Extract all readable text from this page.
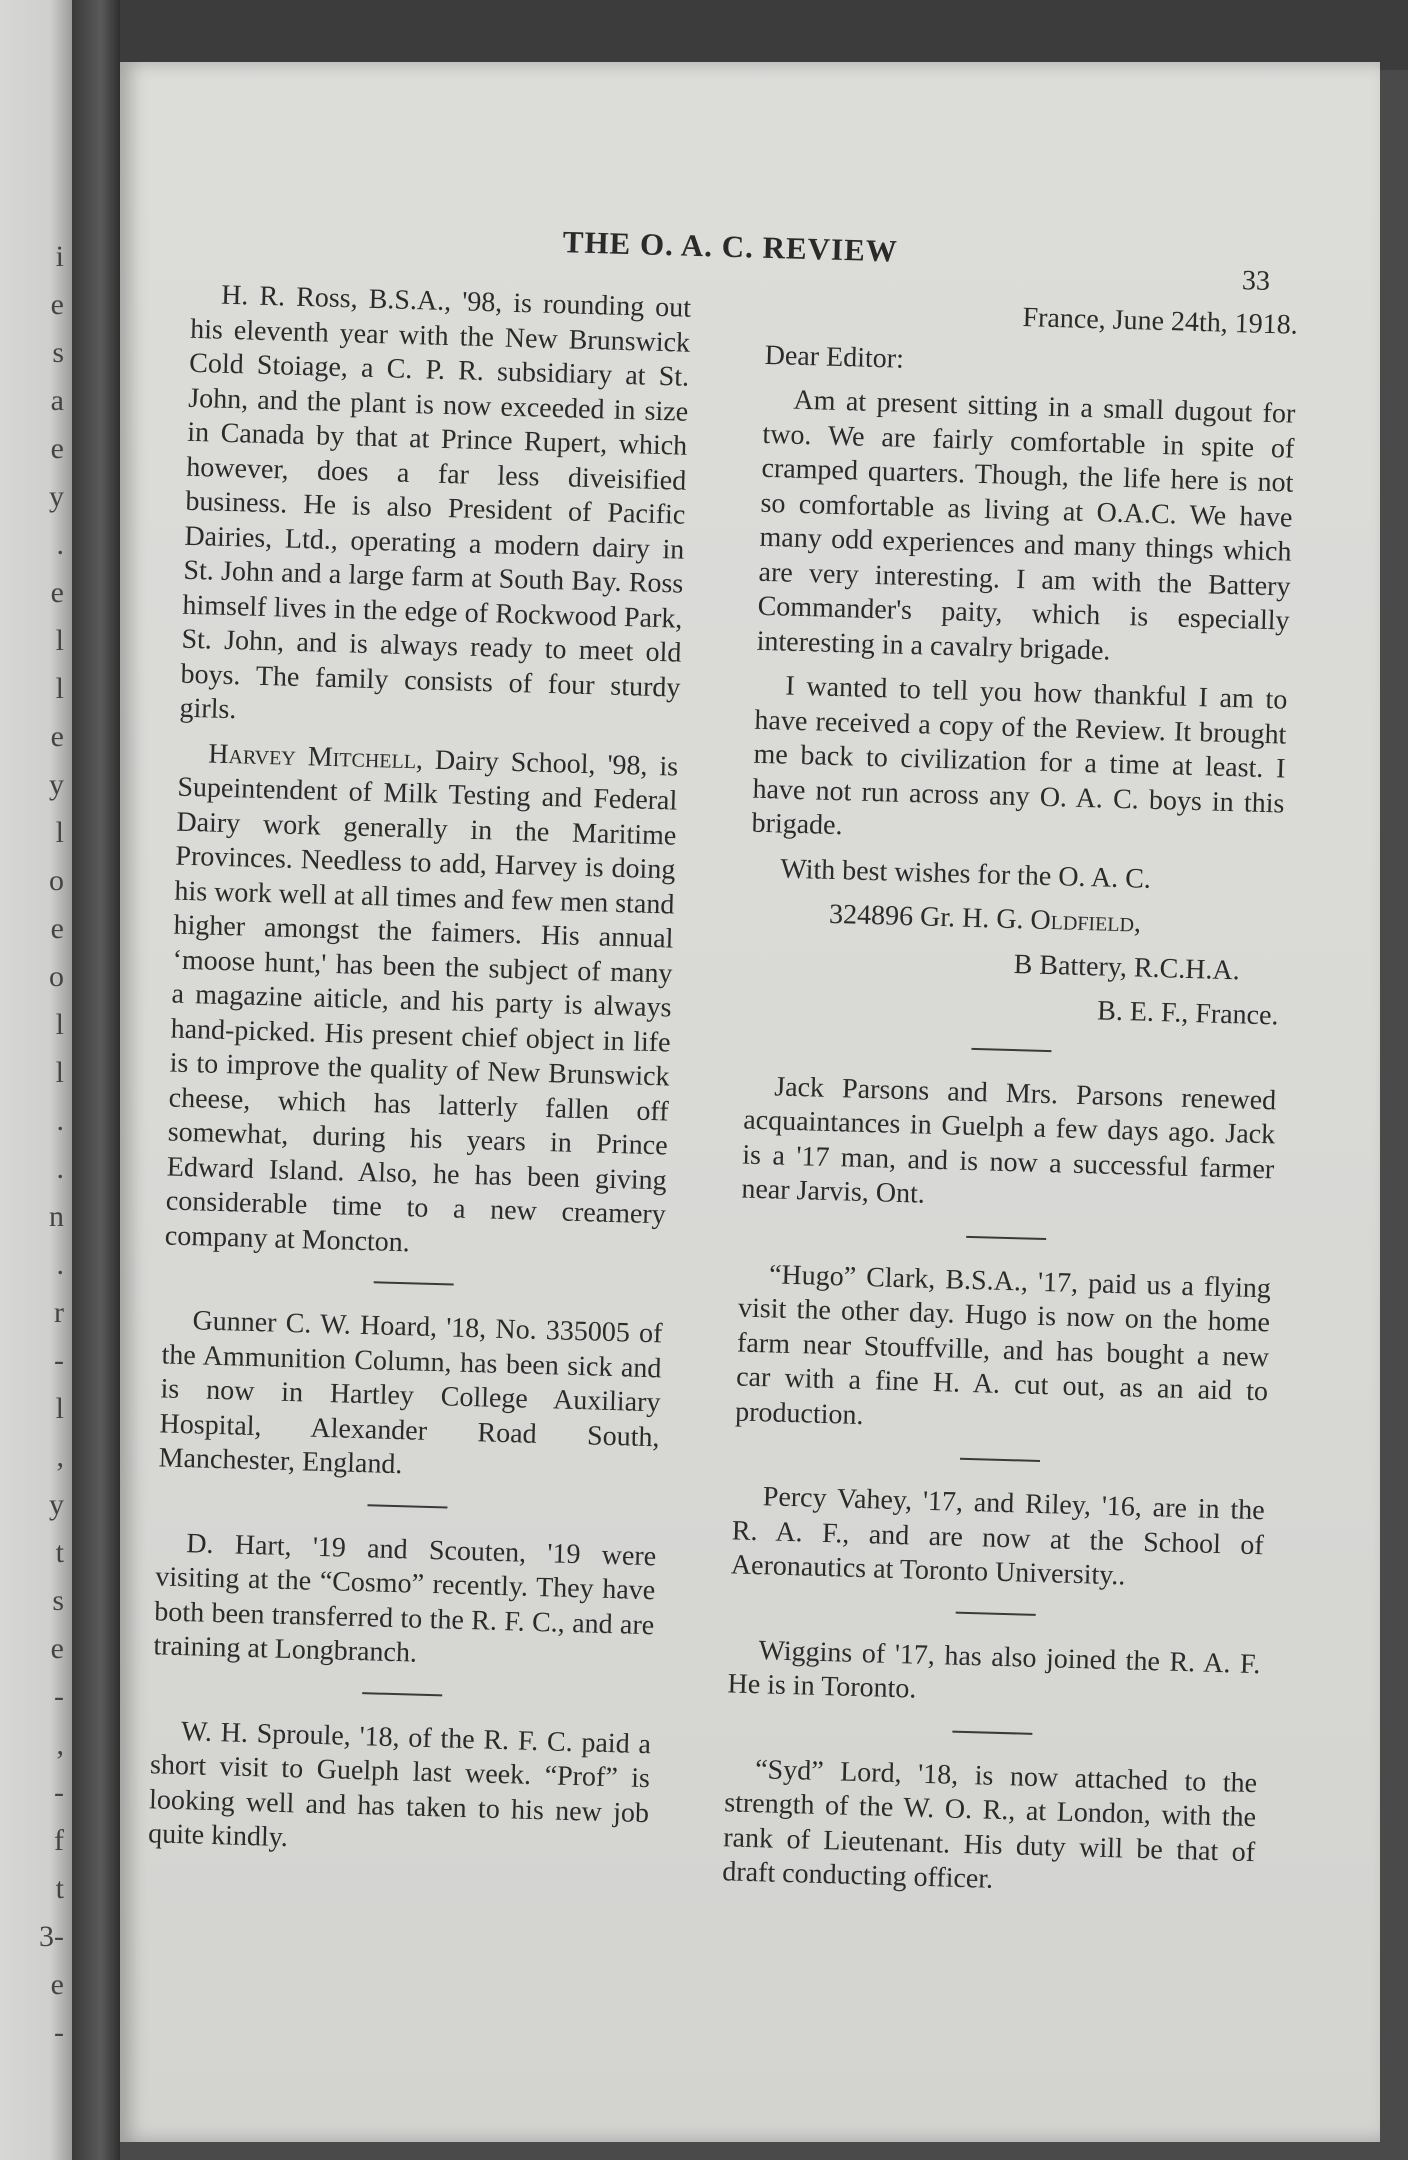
i
e
s
a
e
y
.
e
l
l
e
y
l
o
e
o
l
l
.
.
n
.
r
-
l
,
y
t
s
e
-
,
-
f
t
3-
e
-
THE O. A. C. REVIEW
33

H. R. Ross, B.S.A., '98, is rounding out his eleventh year with the New Brunswick Cold Stoiage, a C. P. R. subsidiary at St. John, and the plant is now exceeded in size in Canada by that at Prince Rupert, which however, does a far less diveisified business. He is also President of Pacific Dairies, Ltd., operating a modern dairy in St. John and a large farm at South Bay. Ross himself lives in the edge of Rockwood Park, St. John, and is always ready to meet old boys. The family consists of four sturdy girls.

Harvey Mitchell, Dairy School, '98, is Supeintendent of Milk Testing and Federal Dairy work generally in the Maritime Provinces. Needless to add, Harvey is doing his work well at all times and few men stand higher amongst the faimers. His annual ‘moose hunt,' has been the subject of many a magazine aiticle, and his party is always hand-picked. His present chief object in life is to improve the quality of New Brunswick cheese, which has latterly fallen off somewhat, during his years in Prince Edward Island. Also, he has been giving considerable time to a new creamery company at Moncton.

Gunner C. W. Hoard, '18, No. 335005 of the Ammunition Column, has been sick and is now in Hartley College Auxiliary Hospital, Alexander Road South, Manchester, England.

D. Hart, '19 and Scouten, '19 were visiting at the “Cosmo” recently. They have both been transferred to the R. F. C., and are training at Longbranch.

W. H. Sproule, '18, of the R. F. C. paid a short visit to Guelph last week. “Prof” is looking well and has taken to his new job quite kindly.

France, June 24th, 1918.

Dear Editor:

Am at present sitting in a small dugout for two. We are fairly comfortable in spite of cramped quarters. Though, the life here is not so comfortable as living at O.A.C. We have many odd experiences and many things which are very interesting. I am with the Battery Commander's paity, which is especially interesting in a cavalry brigade.

I wanted to tell you how thankful I am to have received a copy of the Review. It brought me back to civilization for a time at least. I have not run across any O. A. C. boys in this brigade.

With best wishes for the O. A. C.

324896 Gr. H. G. Oldfield,

B Battery, R.C.H.A.

B. E. F., France.

Jack Parsons and Mrs. Parsons renewed acquaintances in Guelph a few days ago. Jack is a '17 man, and is now a successful farmer near Jarvis, Ont.

“Hugo” Clark, B.S.A., '17, paid us a flying visit the other day. Hugo is now on the home farm near Stouffville, and has bought a new car with a fine H. A. cut out, as an aid to production.

Percy Vahey, '17, and Riley, '16, are in the R. A. F., and are now at the School of Aeronautics at Toronto University..

Wiggins of '17, has also joined the R. A. F. He is in Toronto.

“Syd” Lord, '18, is now attached to the strength of the W. O. R., at London, with the rank of Lieutenant. His duty will be that of draft conducting officer.
